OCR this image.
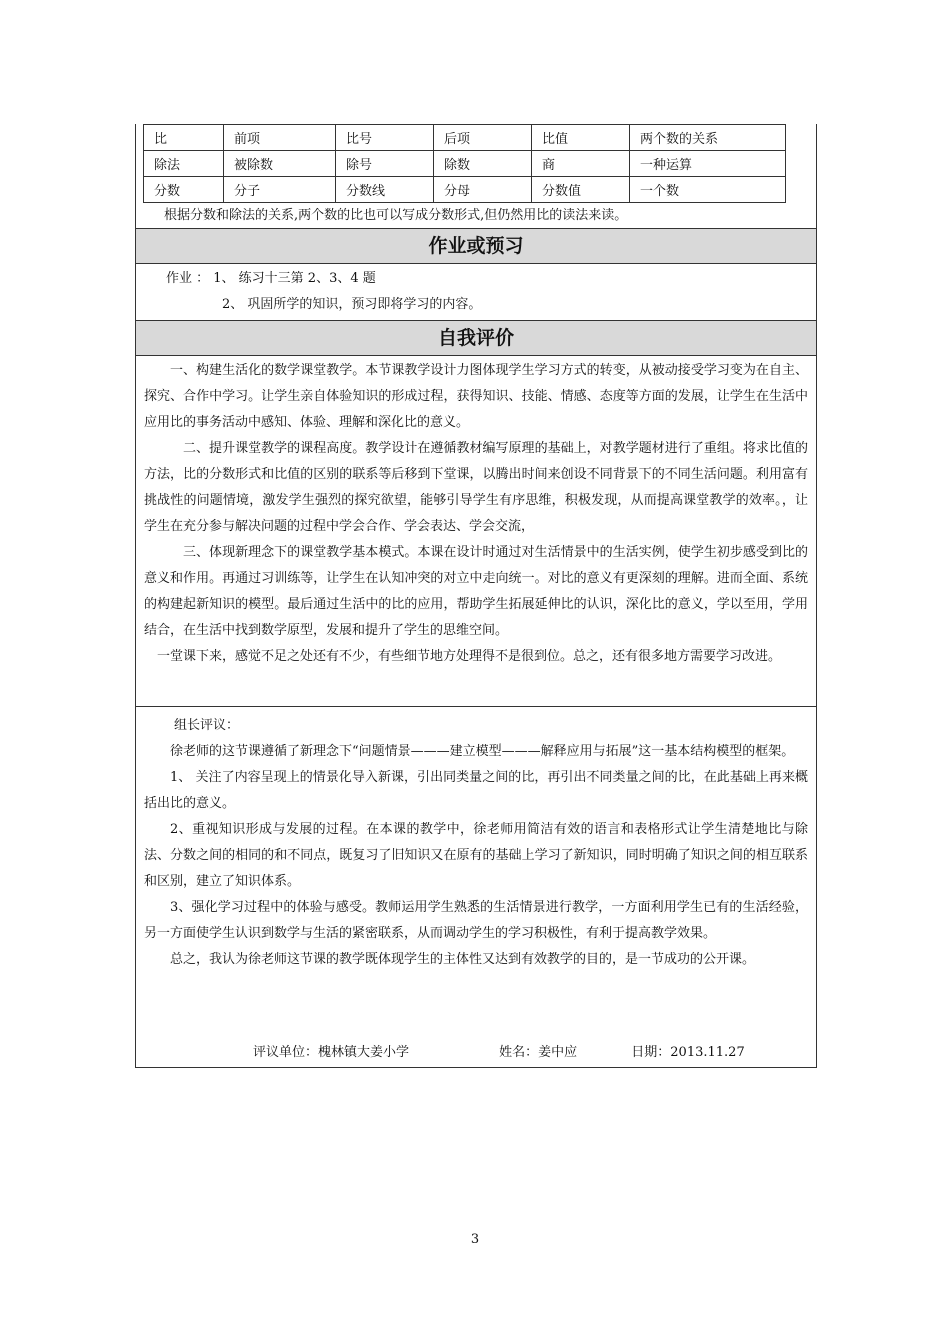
比	前项	比号	后项	比值	两个数的关系
除法	被除数	除号	除数	商	一种运算
分数	分子	分数线	分母	分数值	一个数
根据分数和除法的关系,两个数的比也可以写成分数形式,但仍然用比的读法来读。
作业或预习
作业 ： 1、 练习十三第 2、3、4 题
2、 巩固所学的知识，预习即将学习的内容。
自我评价

一、构建生活化的数学课堂教学。本节课教学设计力图体现学生学习方式的转变，从被动接受学习变为在自主、探究、合作中学习。让学生亲自体验知识的形成过程，获得知识、技能、情感、态度等方面的发展，让学生在生活中应用比的事务活动中感知、体验、理解和深化比的意义。

二、提升课堂教学的课程高度。教学设计在遵循教材编写原理的基础上，对教学题材进行了重组。将求比值的方法，比的分数形式和比值的区别的联系等后移到下堂课，以腾出时间来创设不同背景下的不同生活问题。利用富有挑战性的问题情境，激发学生强烈的探究欲望，能够引导学生有序思维，积极发现，从而提高课堂教学的效率。，让学生在充分参与解决问题的过程中学会合作、学会表达、学会交流，

三、体现新理念下的课堂教学基本模式。本课在设计时通过对生活情景中的生活实例，使学生初步感受到比的意义和作用。再通过习训练等，让学生在认知冲突的对立中走向统一。对比的意义有更深刻的理解。进而全面、系统的构建起新知识的模型。最后通过生活中的比的应用，帮助学生拓展延伸比的认识，深化比的意义，学以至用，学用结合，在生活中找到数学原型，发展和提升了学生的思维空间。

一堂课下来，感觉不足之处还有不少，有些细节地方处理得不是很到位。总之，还有很多地方需要学习改进。

组长评议：

徐老师的这节课遵循了新理念下“问题情景———建立模型———解释应用与拓展”这一基本结构模型的框架。

1、 关注了内容呈现上的情景化导入新课，引出同类量之间的比，再引出不同类量之间的比，在此基础上再来概括出比的意义。

2、重视知识形成与发展的过程。在本课的教学中，徐老师用简洁有效的语言和表格形式让学生清楚地比与除法、分数之间的相同的和不同点，既复习了旧知识又在原有的基础上学习了新知识，同时明确了知识之间的相互联系和区别，建立了知识体系。

3、强化学习过程中的体验与感受。教师运用学生熟悉的生活情景进行教学，一方面利用学生已有的生活经验，另一方面使学生认识到数学与生活的紧密联系，从而调动学生的学习积极性，有利于提高教学效果。

总之，我认为徐老师这节课的教学既体现学生的主体性又达到有效教学的目的，是一节成功的公开课。

评议单位：槐林镇大姜小学	姓名：姜中应	日期：2013.11.27
3
